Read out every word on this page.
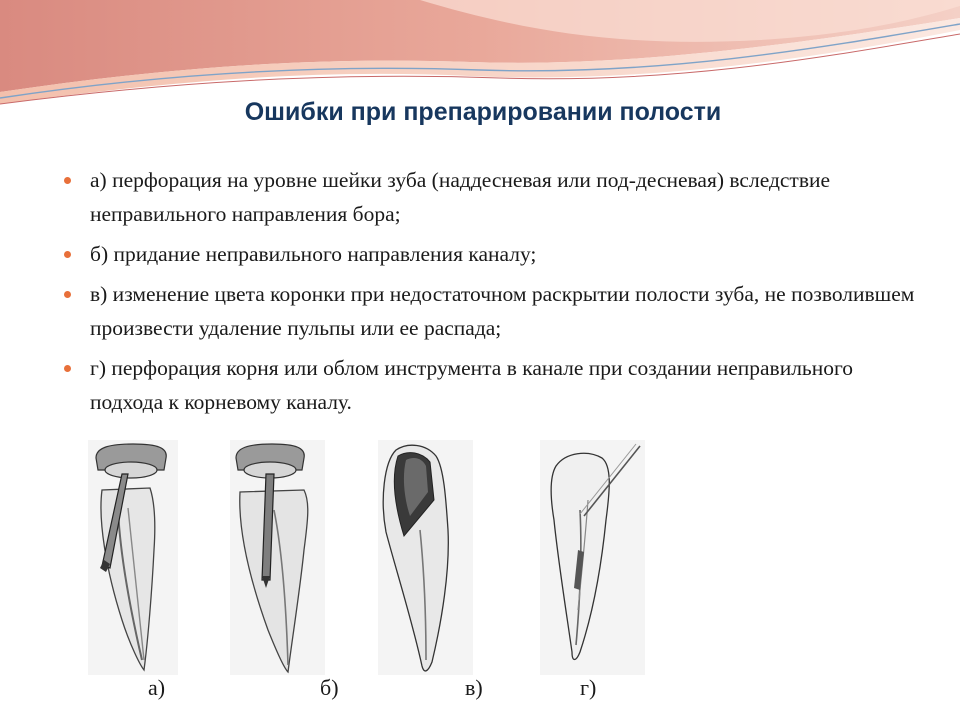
Ошибки при препарировании полости
а) перфорация на уровне шейки зуба (наддесневая или под-десневая) вследствие неправильного направления бора;
б) придание неправильного направления каналу;
в) изменение цвета коронки при недостаточном раскрытии полости зуба, не позволившем произвести удаление пульпы или ее распада;
г) перфорация корня или облом инструмента в канале при создании неправильного подхода к корневому каналу.
а)	б)	в)	г)
